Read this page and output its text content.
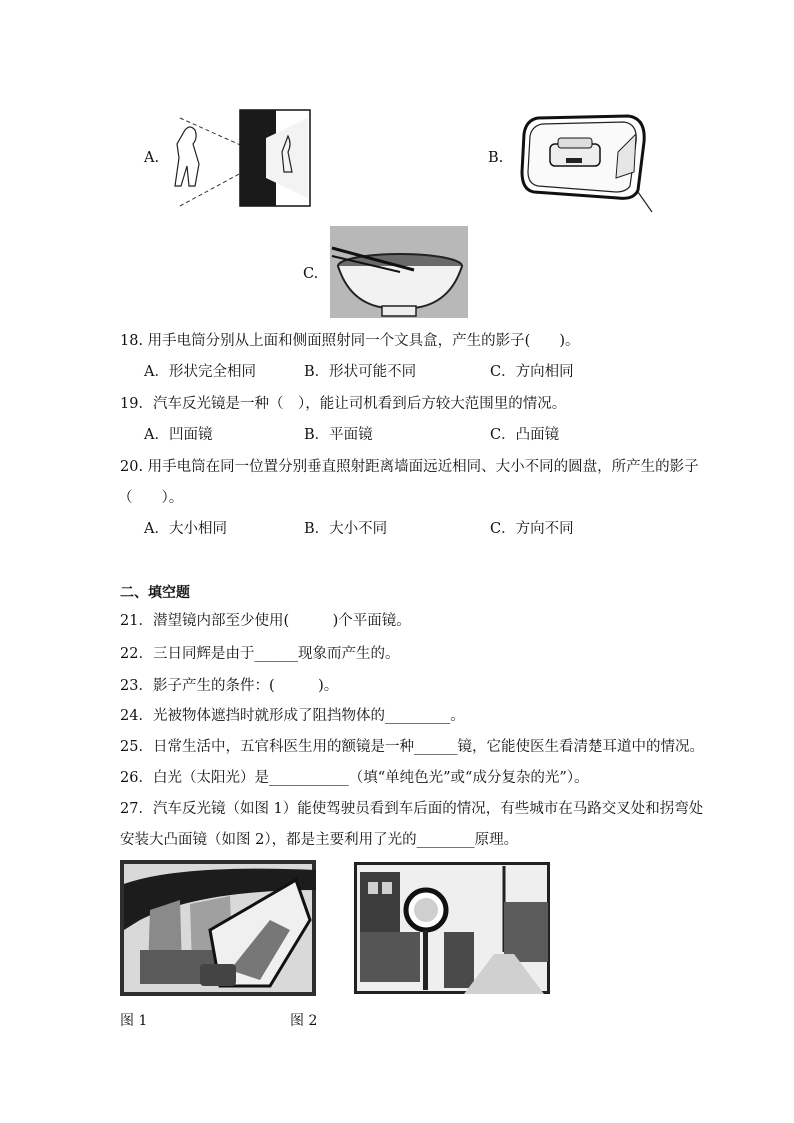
A.	B.
C.
18. 用手电筒分别从上面和侧面照射同一个文具盒，产生的影子(　　)。
A．形状完全相同	B．形状可能不同	C．方向相同
19．汽车反光镜是一种（　），能让司机看到后方较大范围里的情况。
A．凹面镜	B．平面镜	C．凸面镜
20. 用手电筒在同一位置分别垂直照射距离墙面远近相同、大小不同的圆盘，所产生的影子
（　　）。
A．大小相同	B．大小不同	C．方向不同
二、填空题
21．潜望镜内部至少使用(　　　)个平面镜。
22．三日同辉是由于______现象而产生的。
23．影子产生的条件：(　　　)。
24．光被物体遮挡时就形成了阻挡物体的_________。
25．日常生活中，五官科医生用的额镜是一种______镜，它能使医生看清楚耳道中的情况。
26．白光（太阳光）是___________（填“单纯色光”或“成分复杂的光”）。
27．汽车反光镜（如图 1）能使驾驶员看到车后面的情况，有些城市在马路交叉处和拐弯处
安装大凸面镜（如图 2），都是主要利用了光的________原理。
图 1	图 2
